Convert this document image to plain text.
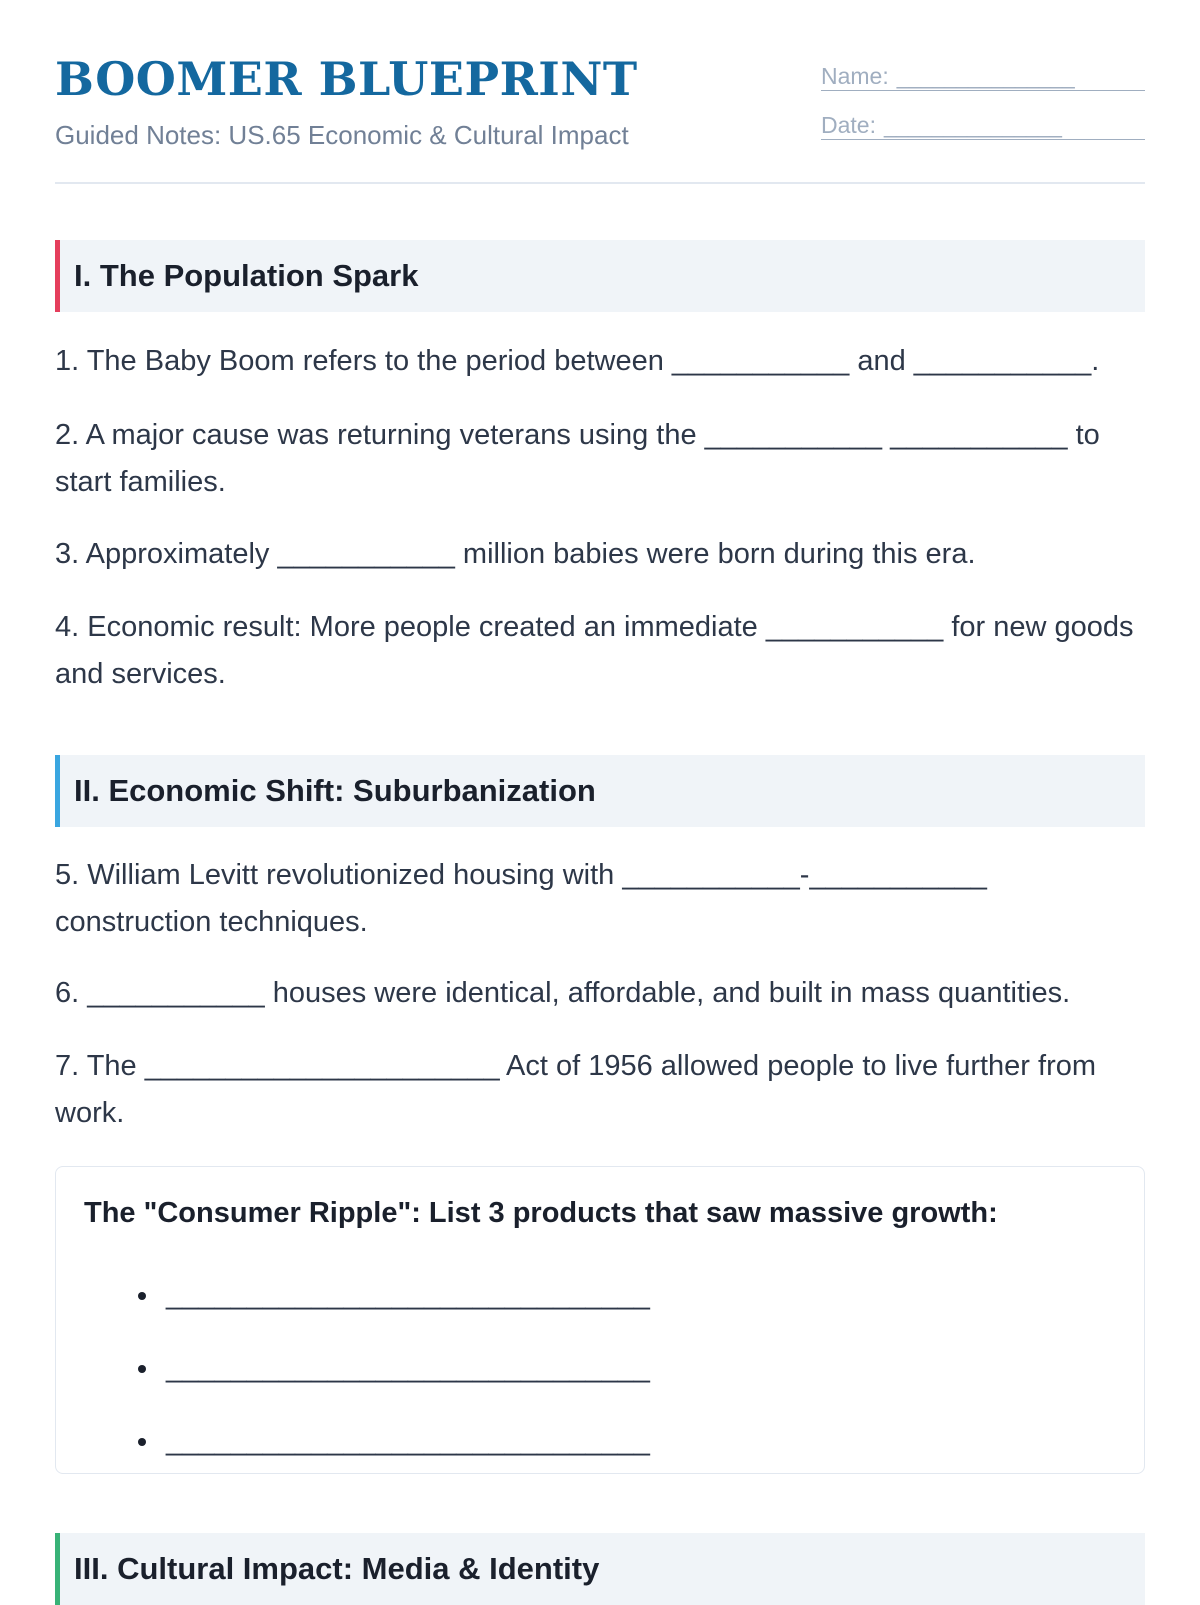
BOOMER BLUEPRINT
Guided Notes: US.65 Economic & Cultural Impact
Name: _______________
Date: _______________
I. The Population Spark

1. The Baby Boom refers to the period between ___________ and ___________.

2. A major cause was returning veterans using the ___________ ___________ to start families.

3. Approximately ___________ million babies were born during this era.

4. Economic result: More people created an immediate ___________ for new goods and services.

II. Economic Shift: Suburbanization

5. William Levitt revolutionized housing with ___________-___________ construction techniques.

6. ___________ houses were identical, affordable, and built in mass quantities.

7. The ______________________ Act of 1956 allowed people to live further from work.

The "Consumer Ripple": List 3 products that saw massive growth:
______________________________
______________________________
______________________________
III. Cultural Impact: Media & Identity
